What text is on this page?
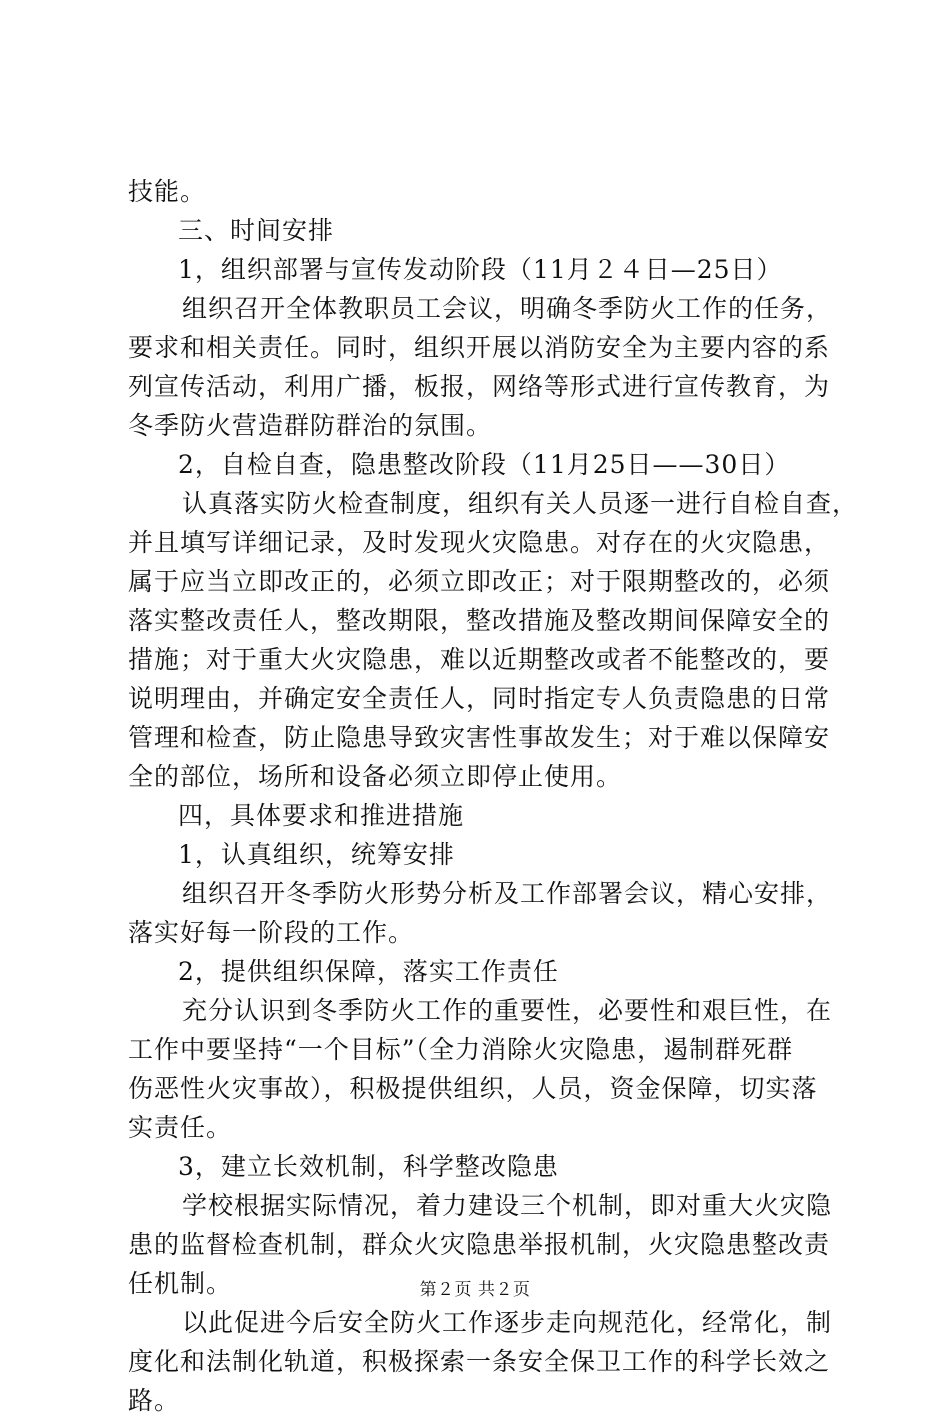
技能。
三、时间安排
1，组织部署与宣传发动阶段（11月２４日—25日）
组织召开全体教职员工会议，明确冬季防火工作的任务，
要求和相关责任。同时，组织开展以消防安全为主要内容的系
列宣传活动，利用广播，板报，网络等形式进行宣传教育，为
冬季防火营造群防群治的氛围。
2，自检自查，隐患整改阶段（11月25日——30日）
认真落实防火检查制度，组织有关人员逐一进行自检自查，
并且填写详细记录，及时发现火灾隐患。对存在的火灾隐患，
属于应当立即改正的，必须立即改正；对于限期整改的，必须
落实整改责任人，整改期限，整改措施及整改期间保障安全的
措施；对于重大火灾隐患，难以近期整改或者不能整改的，要
说明理由，并确定安全责任人，同时指定专人负责隐患的日常
管理和检查，防止隐患导致灾害性事故发生；对于难以保障安
全的部位，场所和设备必须立即停止使用。
四，具体要求和推进措施
1，认真组织，统筹安排
组织召开冬季防火形势分析及工作部署会议，精心安排，
落实好每一阶段的工作。
2，提供组织保障，落实工作责任
充分认识到冬季防火工作的重要性，必要性和艰巨性，在
工作中要坚持“一个目标”（全力消除火灾隐患，遏制群死群
伤恶性火灾事故），积极提供组织，人员，资金保障，切实落
实责任。
3，建立长效机制，科学整改隐患
学校根据实际情况，着力建设三个机制，即对重大火灾隐
患的监督检查机制，群众火灾隐患举报机制，火灾隐患整改责
任机制。
以此促进今后安全防火工作逐步走向规范化，经常化，制
度化和法制化轨道，积极探索一条安全保卫工作的科学长效之
路。
第２页 共２页
